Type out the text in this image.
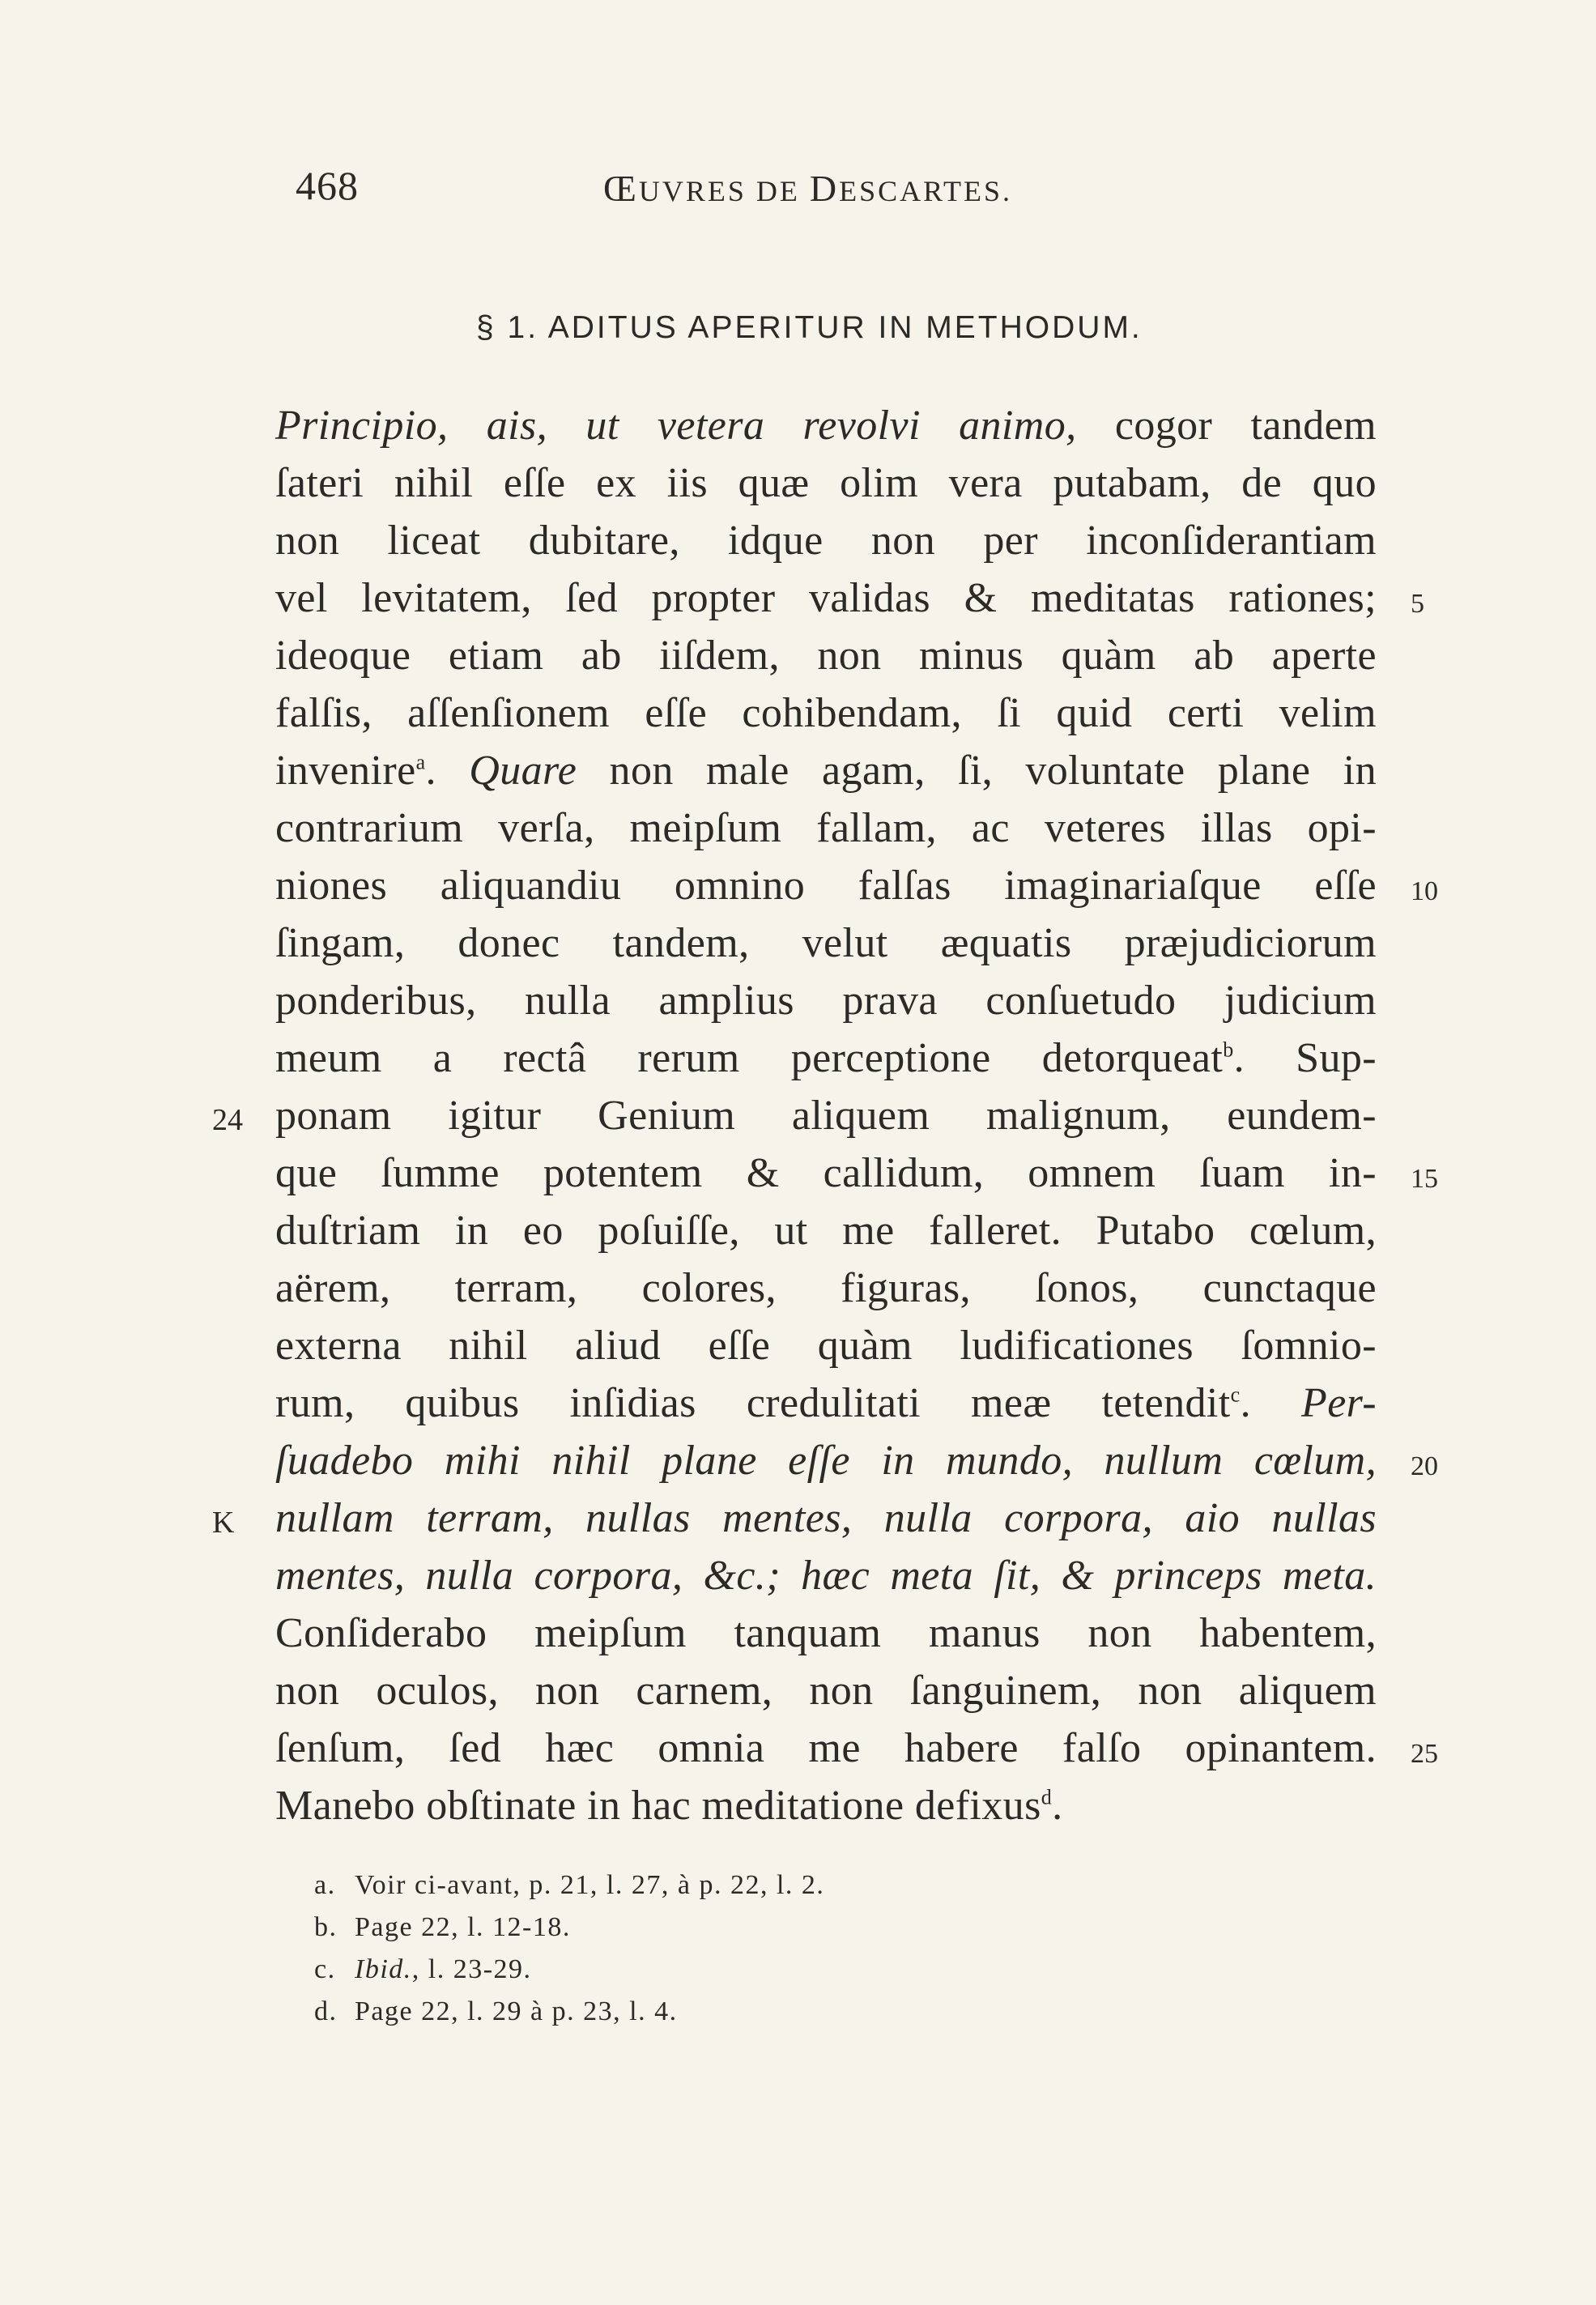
468	ŒUVRES DE DESCARTES.
§ 1. ADITUS APERITUR IN METHODUM.
Principio, ais, ut vetera revolvi animo, cogor tandem
ſateri nihil eſſe ex iis quæ olim vera putabam, de quo
non liceat dubitare, idque non per inconſiderantiam
vel levitatem, ſed propter validas & meditatas rationes;
ideoque etiam ab iiſdem, non minus quàm ab aperte
falſis, aſſenſionem eſſe cohibendam, ſi quid certi velim
invenire$^a$. Quare non male agam, ſi, voluntate plane in
contrarium verſa, meipſum fallam, ac veteres illas opi-
niones aliquandiu omnino falſas imaginariaſque eſſe
ſingam, donec tandem, velut æquatis præjudiciorum
ponderibus, nulla amplius prava conſuetudo judicium
meum a rectâ rerum perceptione detorqueat$^b$. Sup-
ponam igitur Genium aliquem malignum, eundem-
que ſumme potentem & callidum, omnem ſuam in-
duſtriam in eo poſuiſſe, ut me falleret. Putabo cœlum,
aërem, terram, colores, figuras, ſonos, cunctaque
externa nihil aliud eſſe quàm ludificationes ſomnio-
rum, quibus inſidias credulitati meæ tetendit$^c$. Per-
ſuadebo mihi nihil plane eſſe in mundo, nullum cœlum,
nullam terram, nullas mentes, nulla corpora, aio nullas
mentes, nulla corpora, &c.; hæc meta ſit, & princeps meta.
Conſiderabo meipſum tanquam manus non habentem,
non oculos, non carnem, non ſanguinem, non aliquem
ſenſum, ſed hæc omnia me habere falſo opinantem.
Manebo obſtinate in hac meditatione defixus$^d$.
5
10
15
20
25
24
K
a. Voir ci-avant, p. 21, l. 27, à p. 22, l. 2.
b. Page 22, l. 12-18.
c. Ibid., l. 23-29.
d. Page 22, l. 29 à p. 23, l. 4.
